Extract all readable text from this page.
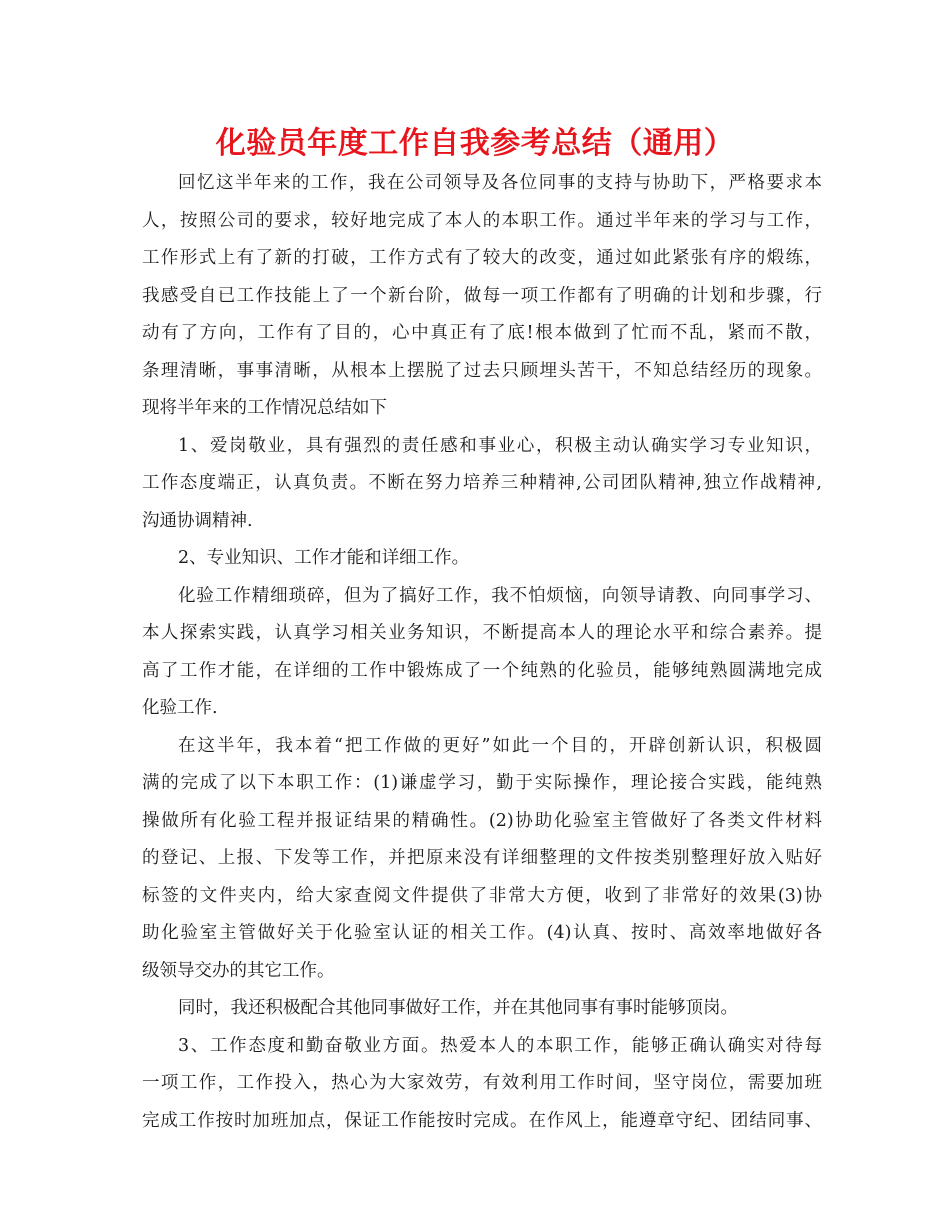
化验员年度工作自我参考总结（通用）
回忆这半年来的工作，我在公司领导及各位同事的支持与协助下，严格要求本
人，按照公司的要求，较好地完成了本人的本职工作。通过半年来的学习与工作，
工作形式上有了新的打破，工作方式有了较大的改变，通过如此紧张有序的煅练，
我感受自已工作技能上了一个新台阶，做每一项工作都有了明确的计划和步骤，行
动有了方向，工作有了目的，心中真正有了底!根本做到了忙而不乱，紧而不散，
条理清晰，事事清晰，从根本上摆脱了过去只顾埋头苦干，不知总结经历的现象。
现将半年来的工作情况总结如下
1、爱岗敬业，具有强烈的责任感和事业心，积极主动认确实学习专业知识，
工作态度端正，认真负责。不断在努力培养三种精神,公司团队精神,独立作战精神,
沟通协调精神.
2、专业知识、工作才能和详细工作。
化验工作精细琐碎，但为了搞好工作，我不怕烦恼，向领导请教、向同事学习、
本人探索实践，认真学习相关业务知识，不断提高本人的理论水平和综合素养。提
高了工作才能，在详细的工作中锻炼成了一个纯熟的化验员，能够纯熟圆满地完成
化验工作.
在这半年，我本着“把工作做的更好”如此一个目的，开辟创新认识，积极圆
满的完成了以下本职工作：(1)谦虚学习，勤于实际操作，理论接合实践，能纯熟
操做所有化验工程并报证结果的精确性。(2)协助化验室主管做好了各类文件材料
的登记、上报、下发等工作，并把原来没有详细整理的文件按类别整理好放入贴好
标签的文件夹内，给大家查阅文件提供了非常大方便，收到了非常好的效果(3)协
助化验室主管做好关于化验室认证的相关工作。(4)认真、按时、高效率地做好各
级领导交办的其它工作。
同时，我还积极配合其他同事做好工作，并在其他同事有事时能够顶岗。
3、工作态度和勤奋敬业方面。热爱本人的本职工作，能够正确认确实对待每
一项工作，工作投入，热心为大家效劳，有效利用工作时间，坚守岗位，需要加班
完成工作按时加班加点，保证工作能按时完成。在作风上，能遵章守纪、团结同事、
